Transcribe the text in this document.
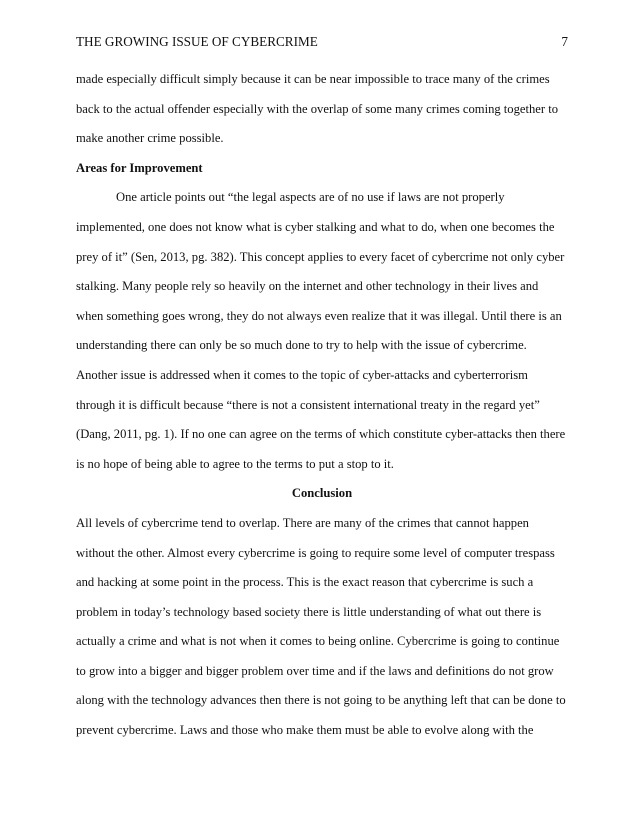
THE GROWING ISSUE OF CYBERCRIME	7
made especially difficult simply because it can be near impossible to trace many of the crimes
back to the actual offender especially with the overlap of some many crimes coming together to
make another crime possible.
Areas for Improvement
One article points out “the legal aspects are of no use if laws are not properly
implemented, one does not know what is cyber stalking and what to do, when one becomes the
prey of it” (Sen, 2013, pg. 382). This concept applies to every facet of cybercrime not only cyber
stalking. Many people rely so heavily on the internet and other technology in their lives and
when something goes wrong, they do not always even realize that it was illegal. Until there is an
understanding there can only be so much done to try to help with the issue of cybercrime.
Another issue is addressed when it comes to the topic of cyber-attacks and cyberterrorism
through it is difficult because “there is not a consistent international treaty in the regard yet”
(Dang, 2011, pg. 1). If no one can agree on the terms of which constitute cyber-attacks then there
is no hope of being able to agree to the terms to put a stop to it.
Conclusion
All levels of cybercrime tend to overlap. There are many of the crimes that cannot happen
without the other. Almost every cybercrime is going to require some level of computer trespass
and hacking at some point in the process. This is the exact reason that cybercrime is such a
problem in today’s technology based society there is little understanding of what out there is
actually a crime and what is not when it comes to being online. Cybercrime is going to continue
to grow into a bigger and bigger problem over time and if the laws and definitions do not grow
along with the technology advances then there is not going to be anything left that can be done to
prevent cybercrime. Laws and those who make them must be able to evolve along with the
